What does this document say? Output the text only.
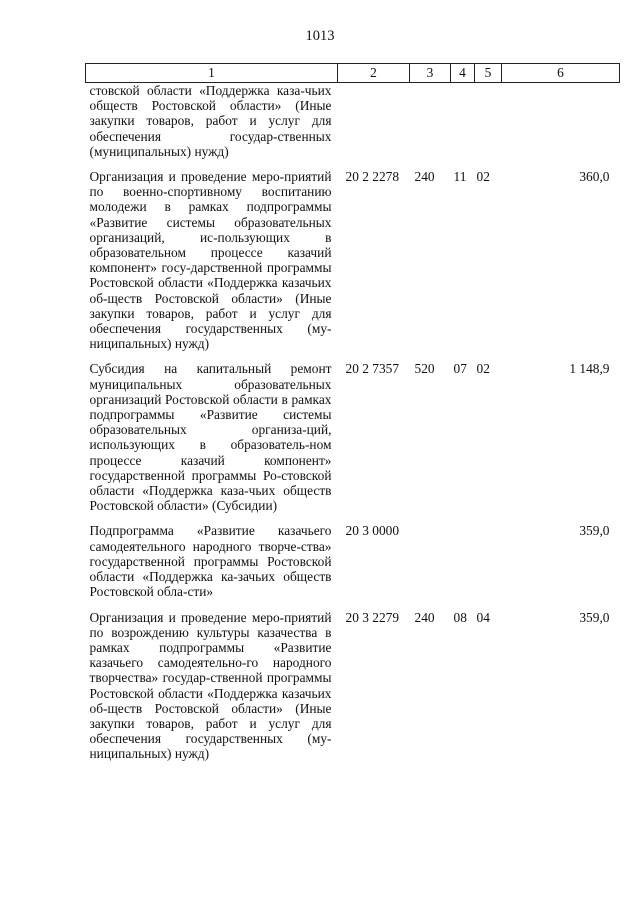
1013
1	2	3	4	5	6
стовской области «Поддержка каза-чьих обществ Ростовской области» (Иные закупки товаров, работ и услуг для обеспечения государ-ственных (муниципальных) нужд)					

Организация и проведение меро-приятий по военно-спортивному воспитанию молодежи в рамках подпрограммы «Развитие системы образовательных организаций, ис-пользующих в образовательном процессе казачий компонент» госу-дарственной программы Ростовской области «Поддержка казачьих об-ществ Ростовской области» (Иные закупки товаров, работ и услуг для обеспечения государственных (му-ниципальных) нужд)	20 2 2278	240	11	02	360,0

Субсидия на капитальный ремонт муниципальных образовательных организаций Ростовской области в рамках подпрограммы «Развитие системы образовательных организа-ций, использующих в образователь-ном процессе казачий компонент» государственной программы Ро-стовской области «Поддержка каза-чьих обществ Ростовской области» (Субсидии)	20 2 7357	520	07	02	1 148,9

Подпрограмма «Развитие казачьего самодеятельного народного творче-ства» государственной программы Ростовской области «Поддержка ка-зачьих обществ Ростовской обла-сти»	20 3 0000				359,0

Организация и проведение меро-приятий по возрождению культуры казачества в рамках подпрограммы «Развитие казачьего самодеятельно-го народного творчества» государ-ственной программы Ростовской области «Поддержка казачьих об-ществ Ростовской области» (Иные закупки товаров, работ и услуг для обеспечения государственных (му-ниципальных) нужд)	20 3 2279	240	08	04	359,0
